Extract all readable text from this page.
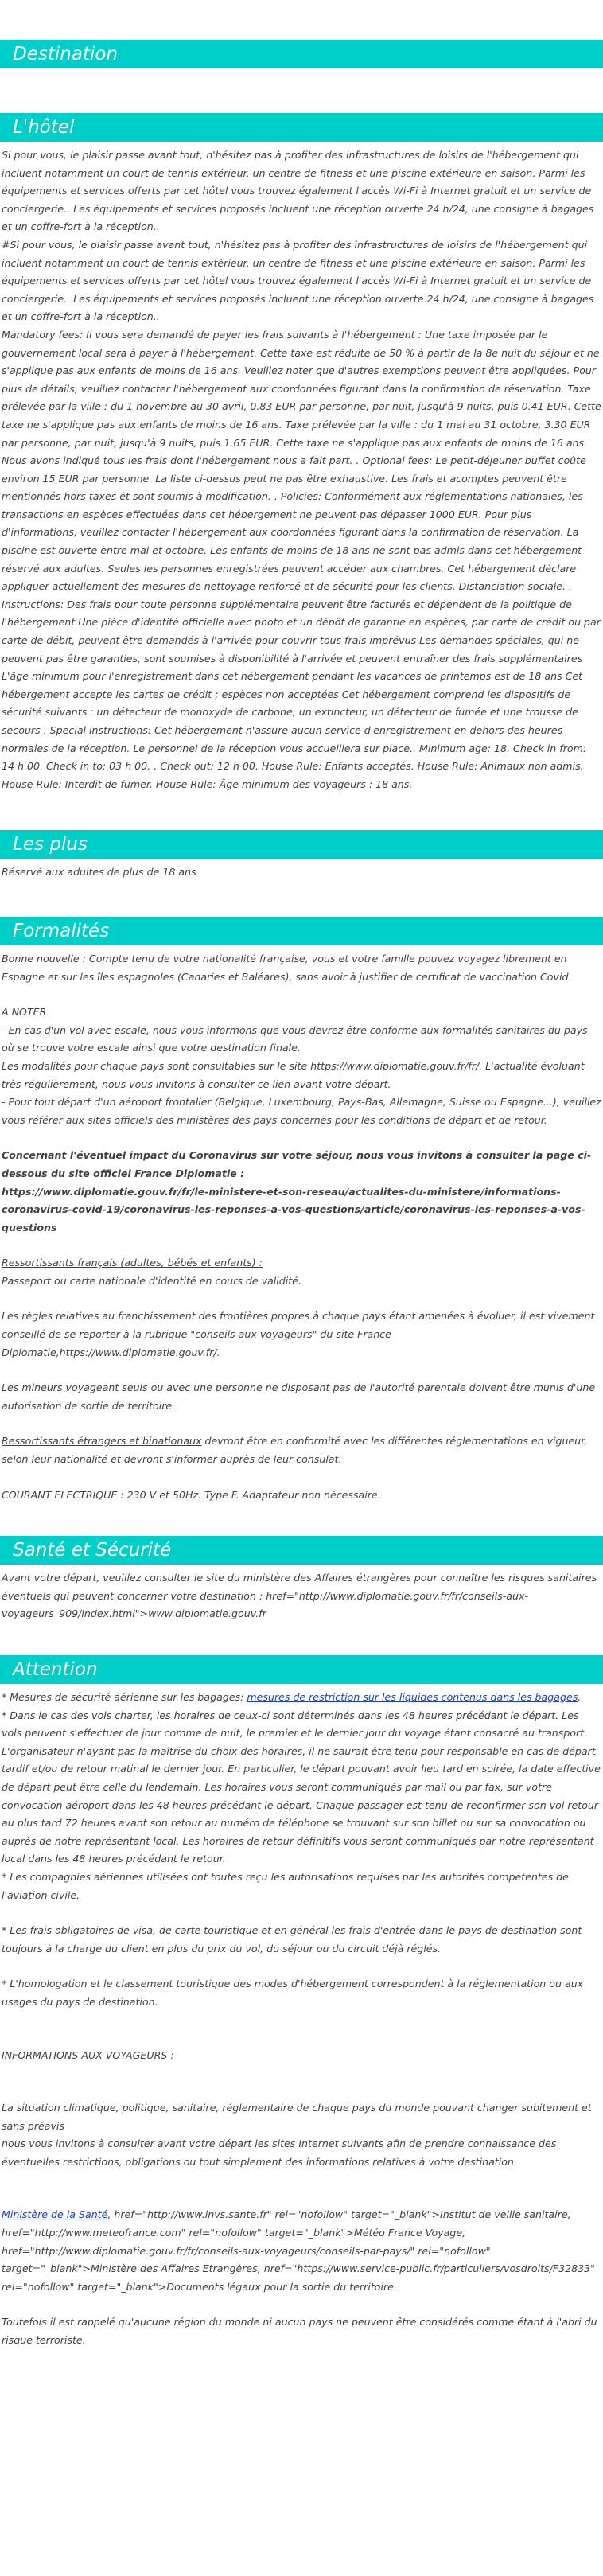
Destination
L'hôtel

Si pour vous, le plaisir passe avant tout, n'hésitez pas à profiter des infrastructures de loisirs de l'hébergement qui incluent notamment un court de tennis extérieur, un centre de fitness et une piscine extérieure en saison. Parmi les équipements et services offerts par cet hôtel vous trouvez également l'accès Wi-Fi à Internet gratuit et un service de conciergerie.. Les équipements et services proposés incluent une réception ouverte 24 h/24, une consigne à bagages et un coffre-fort à la réception..

#Si pour vous, le plaisir passe avant tout, n'hésitez pas à profiter des infrastructures de loisirs de l'hébergement qui incluent notamment un court de tennis extérieur, un centre de fitness et une piscine extérieure en saison. Parmi les équipements et services offerts par cet hôtel vous trouvez également l'accès Wi-Fi à Internet gratuit et un service de conciergerie.. Les équipements et services proposés incluent une réception ouverte 24 h/24, une consigne à bagages et un coffre-fort à la réception..

Mandatory fees: Il vous sera demandé de payer les frais suivants à l'hébergement : Une taxe imposée par le gouvernement local sera à payer à l'hébergement. Cette taxe est réduite de 50 % à partir de la 8e nuit du séjour et ne s'applique pas aux enfants de moins de 16 ans. Veuillez noter que d'autres exemptions peuvent être appliquées. Pour plus de détails, veuillez contacter l'hébergement aux coordonnées figurant dans la confirmation de réservation. Taxe prélevée par la ville : du 1 novembre au 30 avril, 0.83 EUR par personne, par nuit, jusqu'à 9 nuits, puis 0.41 EUR. Cette taxe ne s'applique pas aux enfants de moins de 16 ans. Taxe prélevée par la ville : du 1 mai au 31 octobre, 3.30 EUR par personne, par nuit, jusqu'à 9 nuits, puis 1.65 EUR. Cette taxe ne s'applique pas aux enfants de moins de 16 ans. Nous avons indiqué tous les frais dont l'hébergement nous a fait part. . Optional fees: Le petit-déjeuner buffet coûte environ 15 EUR par personne. La liste ci-dessus peut ne pas être exhaustive. Les frais et acomptes peuvent être mentionnés hors taxes et sont soumis à modification. . Policies: Conformément aux réglementations nationales, les transactions en espèces effectuées dans cet hébergement ne peuvent pas dépasser 1000 EUR. Pour plus d'informations, veuillez contacter l'hébergement aux coordonnées figurant dans la confirmation de réservation. La piscine est ouverte entre mai et octobre. Les enfants de moins de 18 ans ne sont pas admis dans cet hébergement réservé aux adultes. Seules les personnes enregistrées peuvent accéder aux chambres. Cet hébergement déclare appliquer actuellement des mesures de nettoyage renforcé et de sécurité pour les clients. Distanciation sociale. . Instructions: Des frais pour toute personne supplémentaire peuvent être facturés et dépendent de la politique de l'hébergement Une pièce d'identité officielle avec photo et un dépôt de garantie en espèces, par carte de crédit ou par carte de débit, peuvent être demandés à l'arrivée pour couvrir tous frais imprévus Les demandes spéciales, qui ne peuvent pas être garanties, sont soumises à disponibilité à l'arrivée et peuvent entraîner des frais supplémentaires L'âge minimum pour l'enregistrement dans cet hébergement pendant les vacances de printemps est de 18 ans Cet hébergement accepte les cartes de crédit ; espèces non acceptées Cet hébergement comprend les dispositifs de sécurité suivants : un détecteur de monoxyde de carbone, un extincteur, un détecteur de fumée et une trousse de secours . Special instructions: Cet hébergement n'assure aucun service d'enregistrement en dehors des heures normales de la réception. Le personnel de la réception vous accueillera sur place.. Minimum age: 18. Check in from: 14 h 00. Check in to: 03 h 00. . Check out: 12 h 00. House Rule: Enfants acceptés. House Rule: Animaux non admis. House Rule: Interdit de fumer. House Rule: Âge minimum des voyageurs : 18 ans.

Les plus

Réservé aux adultes de plus de 18 ans

Formalités

Bonne nouvelle : Compte tenu de votre nationalité française, vous et votre famille pouvez voyagez librement en Espagne et sur les îles espagnoles (Canaries et Baléares), sans avoir à justifier de certificat de vaccination Covid.

A NOTER

- En cas d'un vol avec escale, nous vous informons que vous devrez être conforme aux formalités sanitaires du pays où se trouve votre escale ainsi que votre destination finale.

Les modalités pour chaque pays sont consultables sur le site https://www.diplomatie.gouv.fr/fr/. L'actualité évoluant très régulièrement, nous vous invitons à consulter ce lien avant votre départ.

- Pour tout départ d'un aéroport frontalier (Belgique, Luxembourg, Pays-Bas, Allemagne, Suisse ou Espagne...), veuillez vous référer aux sites officiels des ministères des pays concernés pour les conditions de départ et de retour.

Concernant l'éventuel impact du Coronavirus sur votre séjour, nous vous invitons à consulter la page ci-dessous du site officiel France Diplomatie :

https://www.diplomatie.gouv.fr/fr/le-ministere-et-son-reseau/actualites-du-ministere/informations-coronavirus-covid-19/coronavirus-les-reponses-a-vos-questions/article/coronavirus-les-reponses-a-vos-questions

Ressortissants français (adultes, bébés et enfants) :

Passeport ou carte nationale d'identité en cours de validité.

Les règles relatives au franchissement des frontières propres à chaque pays étant amenées à évoluer, il est vivement conseillé de se reporter à la rubrique "conseils aux voyageurs" du site France Diplomatie,https://www.diplomatie.gouv.fr/.

Les mineurs voyageant seuls ou avec une personne ne disposant pas de l'autorité parentale doivent être munis d'une autorisation de sortie de territoire.

Ressortissants étrangers et binationaux devront être en conformité avec les différentes réglementations en vigueur, selon leur nationalité et devront s'informer auprès de leur consulat.

COURANT ELECTRIQUE : 230 V et 50Hz. Type F. Adaptateur non nécessaire.

Santé et Sécurité

Avant votre départ, veuillez consulter le site du ministère des Affaires étrangères pour connaître les risques sanitaires éventuels qui peuvent concerner votre destination : href="http://www.diplomatie.gouv.fr/fr/conseils-aux-voyageurs_909/index.html">www.diplomatie.gouv.fr

Attention

* Mesures de sécurité aérienne sur les bagages: mesures de restriction sur les liquides contenus dans les bagages.

* Dans le cas des vols charter, les horaires de ceux-ci sont déterminés dans les 48 heures précédant le départ. Les vols peuvent s'effectuer de jour comme de nuit, le premier et le dernier jour du voyage étant consacré au transport. L'organisateur n'ayant pas la maîtrise du choix des horaires, il ne saurait être tenu pour responsable en cas de départ tardif et/ou de retour matinal le dernier jour. En particulier, le départ pouvant avoir lieu tard en soirée, la date effective de départ peut être celle du lendemain. Les horaires vous seront communiqués par mail ou par fax, sur votre convocation aéroport dans les 48 heures précédant le départ. Chaque passager est tenu de reconfirmer son vol retour au plus tard 72 heures avant son retour au numéro de téléphone se trouvant sur son billet ou sur sa convocation ou auprès de notre représentant local. Les horaires de retour définitifs vous seront communiqués par notre représentant local dans les 48 heures précédant le retour.

* Les compagnies aériennes utilisées ont toutes reçu les autorisations requises par les autorités compétentes de l'aviation civile.

* Les frais obligatoires de visa, de carte touristique et en général les frais d'entrée dans le pays de destination sont toujours à la charge du client en plus du prix du vol, du séjour ou du circuit déjà réglés.

* L'homologation et le classement touristique des modes d'hébergement correspondent à la réglementation ou aux usages du pays de destination.

INFORMATIONS AUX VOYAGEURS :

La situation climatique, politique, sanitaire, réglementaire de chaque pays du monde pouvant changer subitement et sans préavis

nous vous invitons à consulter avant votre départ les sites Internet suivants afin de prendre connaissance des éventuelles restrictions, obligations ou tout simplement des informations relatives à votre destination.

Ministère de la Santé, href="http://www.invs.sante.fr" rel="nofollow" target="_blank">Institut de veille sanitaire, href="http://www.meteofrance.com" rel="nofollow" target="_blank">Météo France Voyage, href="http://www.diplomatie.gouv.fr/fr/conseils-aux-voyageurs/conseils-par-pays/" rel="nofollow" target="_blank">Ministère des Affaires Etrangères, href="https://www.service-public.fr/particuliers/vosdroits/F32833" rel="nofollow" target="_blank">Documents légaux pour la sortie du territoire.

Toutefois il est rappelé qu'aucune région du monde ni aucun pays ne peuvent être considérés comme étant à l'abri du risque terroriste.
